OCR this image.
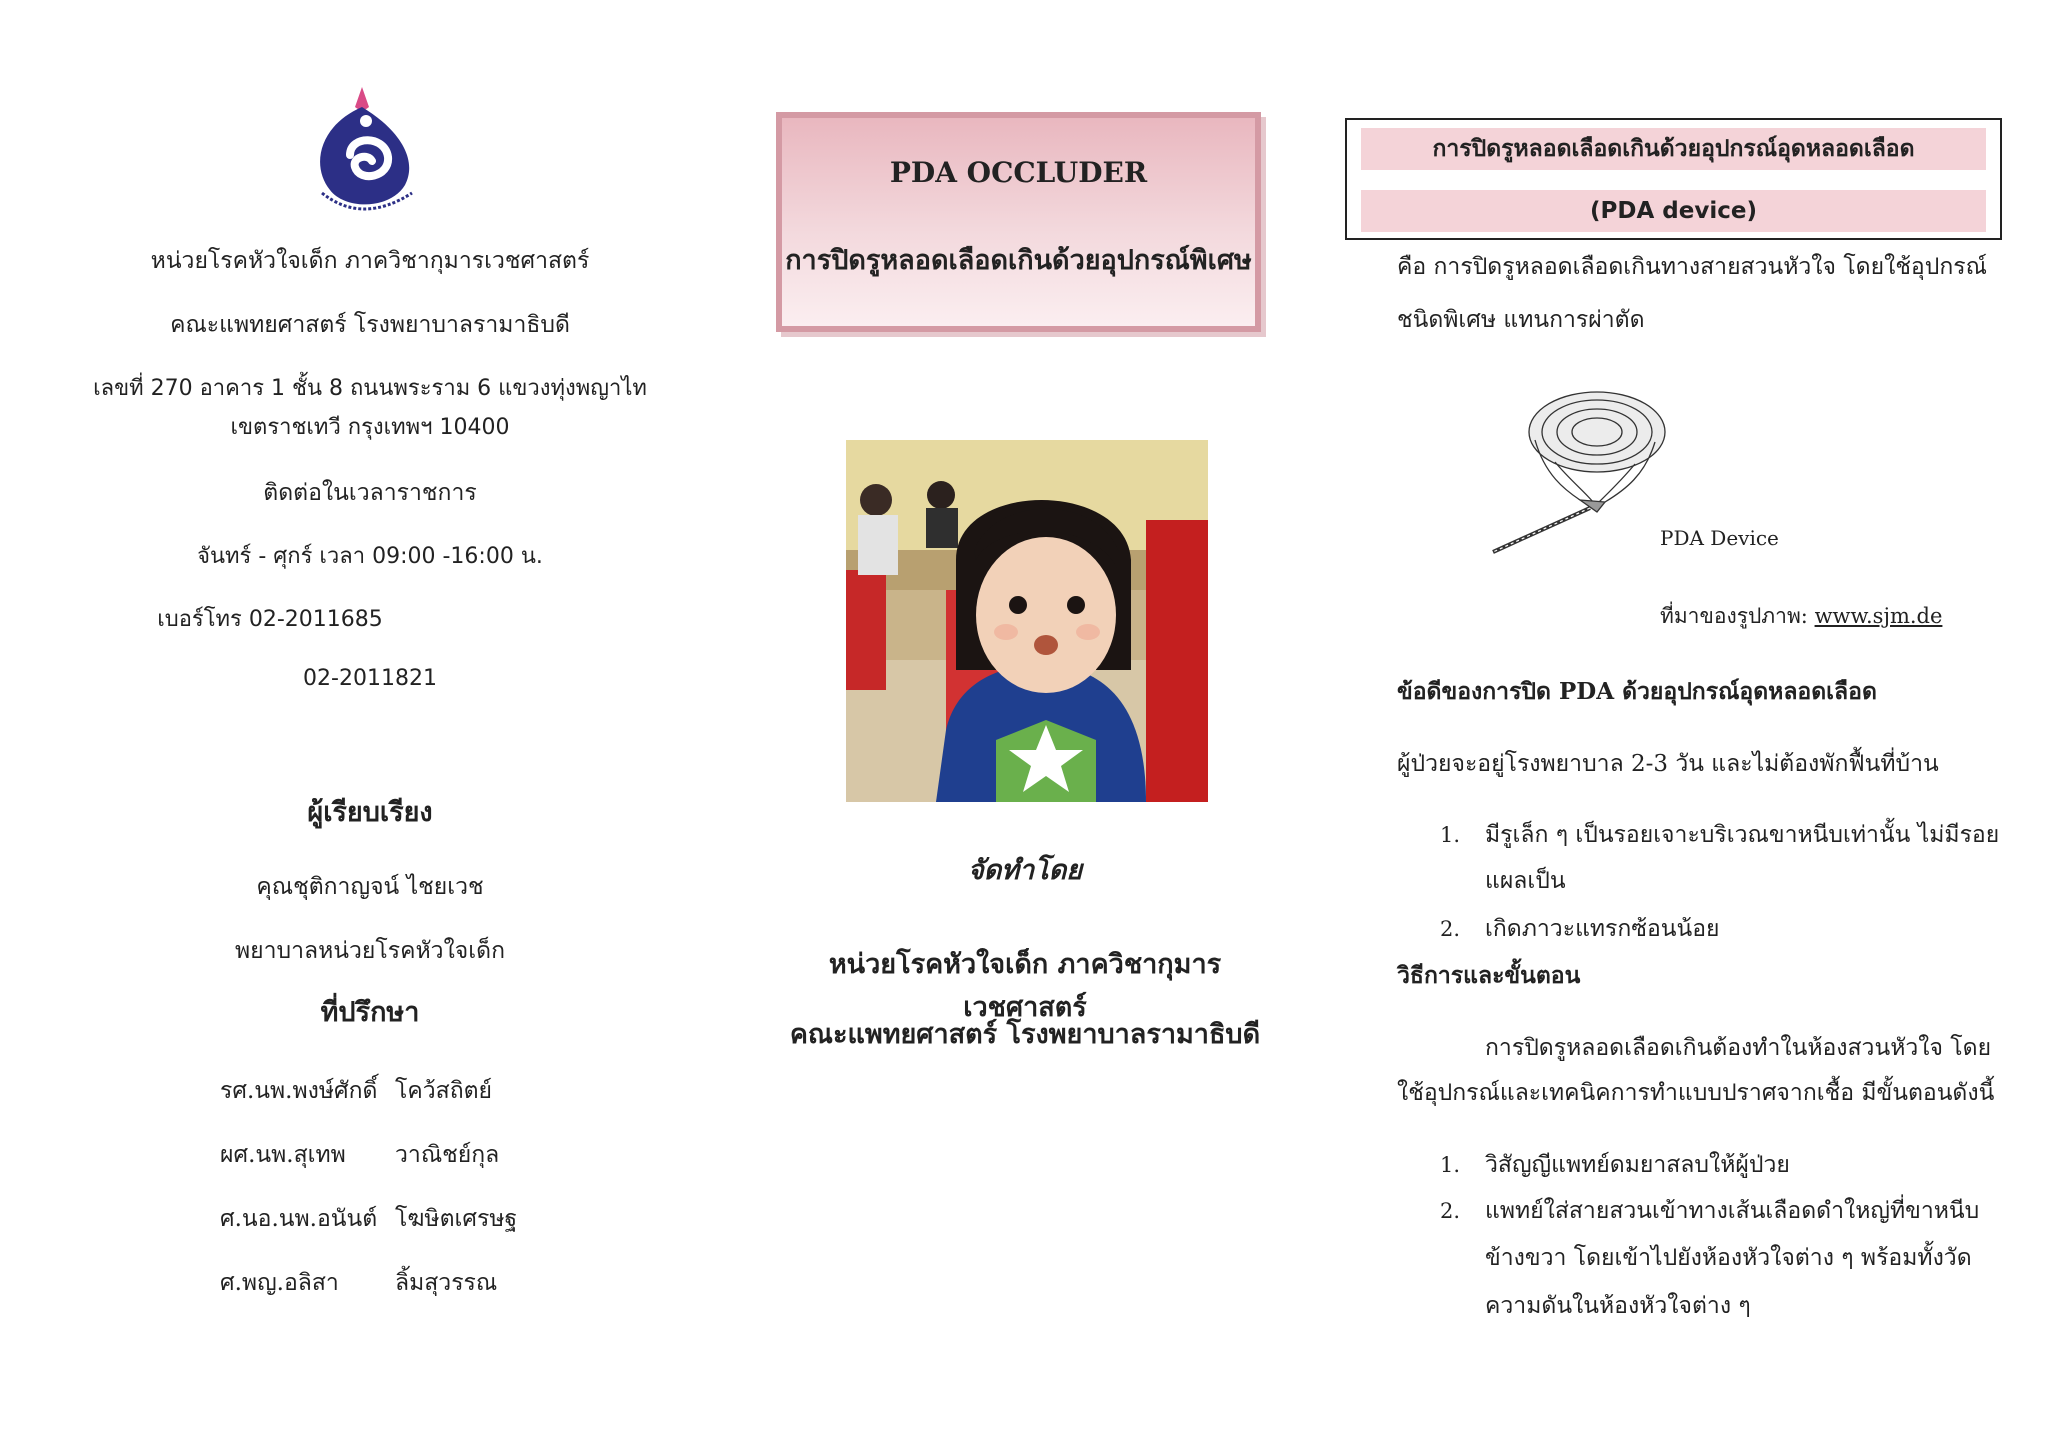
หน่วยโรคหัวใจเด็ก ภาควิชากุมารเวชศาสตร์
คณะแพทยศาสตร์ โรงพยาบาลรามาธิบดี
เลขที่ 270 อาคาร 1 ชั้น 8 ถนนพระราม 6 แขวงทุ่งพญาไท
เขตราชเทวี กรุงเทพฯ 10400
ติดต่อในเวลาราชการ
จันทร์ - ศุกร์ เวลา 09:00 -16:00 น.
เบอร์โทร 02-2011685
02-2011821
ผู้เรียบเรียง
คุณชุติกาญจน์ ไชยเวช
พยาบาลหน่วยโรคหัวใจเด็ก
ที่ปรึกษา
รศ.นพ.พงษ์ศักดิ์ โคว้สถิตย์
ผศ.นพ.สุเทพ	วาณิชย์กุล
ศ.นอ.นพ.อนันต์ โฆษิตเศรษฐ
ศ.พญ.อลิสา	ลิ้มสุวรรณ
PDA OCCLUDER
การปิดรูหลอดเลือดเกินด้วยอุปกรณ์พิเศษ
จัดทำโดย
หน่วยโรคหัวใจเด็ก ภาควิชากุมารเวชศาสตร์
คณะแพทยศาสตร์ โรงพยาบาลรามาธิบดี
การปิดรูหลอดเลือดเกินด้วยอุปกรณ์อุดหลอดเลือด
(PDA device)
คือ การปิดรูหลอดเลือดเกินทางสายสวนหัวใจ โดยใช้อุปกรณ์
ชนิดพิเศษ แทนการผ่าตัด
PDA Device
ที่มาของรูปภาพ: www.sjm.de
ข้อดีของการปิด PDA ด้วยอุปกรณ์อุดหลอดเลือด
ผู้ป่วยจะอยู่โรงพยาบาล 2-3 วัน และไม่ต้องพักฟื้นที่บ้าน
1. มีรูเล็ก ๆ เป็นรอยเจาะบริเวณขาหนีบเท่านั้น ไม่มีรอย
แผลเป็น
2. เกิดภาวะแทรกซ้อนน้อย
วิธีการและขั้นตอน
การปิดรูหลอดเลือดเกินต้องทำในห้องสวนหัวใจ โดย
ใช้อุปกรณ์และเทคนิคการทำแบบปราศจากเชื้อ มีขั้นตอนดังนี้
1. วิสัญญีแพทย์ดมยาสลบให้ผู้ป่วย
2. แพทย์ใส่สายสวนเข้าทางเส้นเลือดดำใหญ่ที่ขาหนีบ
ข้างขวา โดยเข้าไปยังห้องหัวใจต่าง ๆ พร้อมทั้งวัด
ความดันในห้องหัวใจต่าง ๆ
